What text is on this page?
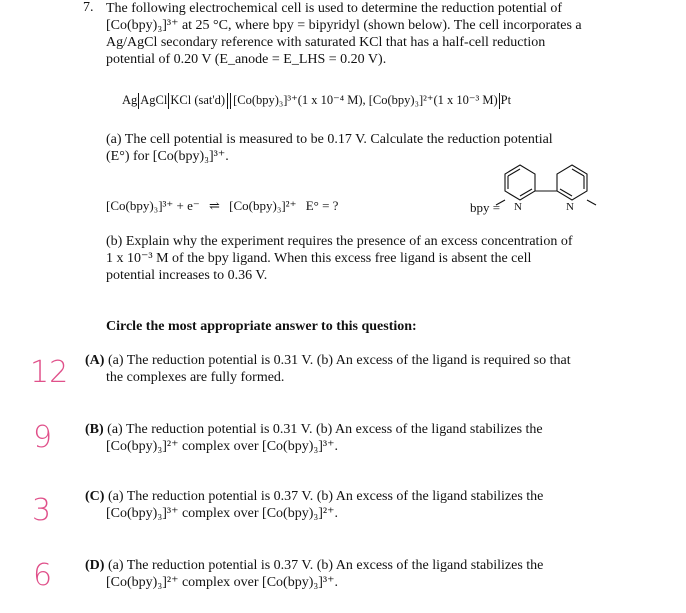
7. The following electrochemical cell is used to determine the reduction potential of
[Co(bpy)₃]³⁺ at 25 °C, where bpy = bipyridyl (shown below). The cell incorporates a
Ag/AgCl secondary reference with saturated KCl that has a half-cell reduction
potential of 0.20 V (E_anode = E_LHS = 0.20 V).
Ag AgCl KCl (sat'd) [Co(bpy)₃]³⁺(1 x 10⁻⁴ M), [Co(bpy)₃]²⁺(1 x 10⁻³ M) Pt
(a) The cell potential is measured to be 0.17 V. Calculate the reduction potential
(E°) for [Co(bpy)₃]³⁺.
[Co(bpy)₃]³⁺ + e⁻ ⇌ [Co(bpy)₃]²⁺ E° = ?	bpy = N	N
(b) Explain why the experiment requires the presence of an excess concentration of
1 x 10⁻³ M of the bpy ligand. When this excess free ligand is absent the cell
potential increases to 0.36 V.
Circle the most appropriate answer to this question:
(A) (a) The reduction potential is 0.31 V. (b) An excess of the ligand is required so that
the complexes are fully formed.
12
(B) (a) The reduction potential is 0.31 V. (b) An excess of the ligand stabilizes the
[Co(bpy)₃]²⁺ complex over [Co(bpy)₃]³⁺.
9
(C) (a) The reduction potential is 0.37 V. (b) An excess of the ligand stabilizes the
[Co(bpy)₃]³⁺ complex over [Co(bpy)₃]²⁺.
3
(D) (a) The reduction potential is 0.37 V. (b) An excess of the ligand stabilizes the
[Co(bpy)₃]²⁺ complex over [Co(bpy)₃]³⁺.
6
